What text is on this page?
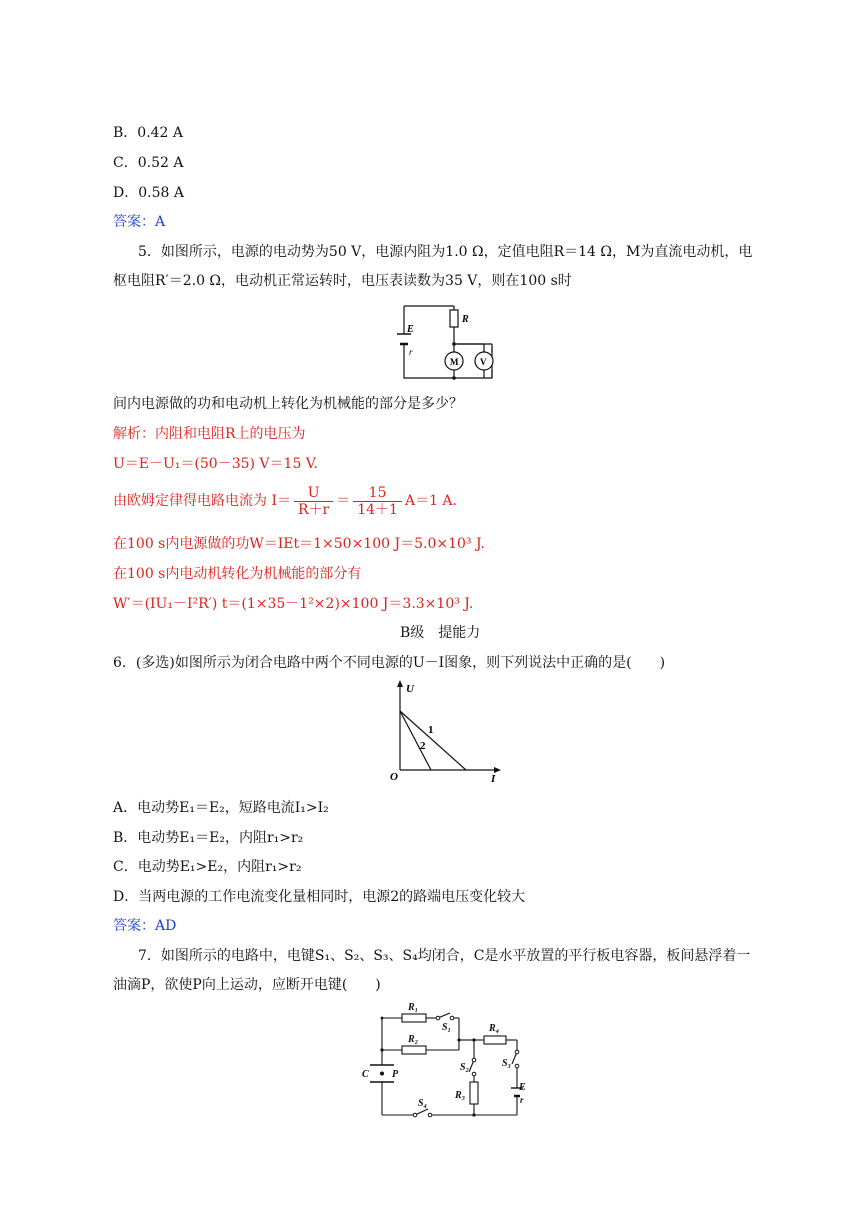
B．0.42 A
C．0.52 A
D．0.58 A
答案：A
5．如图所示，电源的电动势为50 V，电源内阻为1.0 Ω，定值电阻R＝14 Ω，M为直流电动机，电
枢电阻R′＝2.0 Ω，电动机正常运转时，电压表读数为35 V，则在100 s时
E
r
R
M V
间内电源做的功和电动机上转化为机械能的部分是多少？
解析：内阻和电阻R上的电压为
U＝E－U₁＝(50－35) V＝15 V.
由欧姆定律得电路电流为 $I= \frac{U}{R+r} = \frac{15}{14+1} A=1$ A.
在100 s内电源做的功W＝IEt＝1×50×100 J＝5.0×10³ J.
在100 s内电动机转化为机械能的部分有
W′＝(IU₁－I²R′) t＝(1×35－1²×2)×100 J＝3.3×10³ J.
B级　提能力
6．(多选)如图所示为闭合电路中两个不同电源的U－I图象，则下列说法中正确的是(　　)
U
I
O
1
2
A．电动势E₁＝E₂，短路电流I₁>I₂
B．电动势E₁＝E₂，内阻r₁>r₂
C．电动势E₁>E₂，内阻r₁>r₂
D．当两电源的工作电流变化量相同时，电源2的路端电压变化较大
答案：AD
7．如图所示的电路中，电键S₁、S₂、S₃、S₄均闭合，C是水平放置的平行板电容器，板间悬浮着一
油滴P，欲使P向上运动，应断开电键(　　)
R₁
S₁
R₂
R₄
S₂	S₃
R₃
E
r
C P
S₄
